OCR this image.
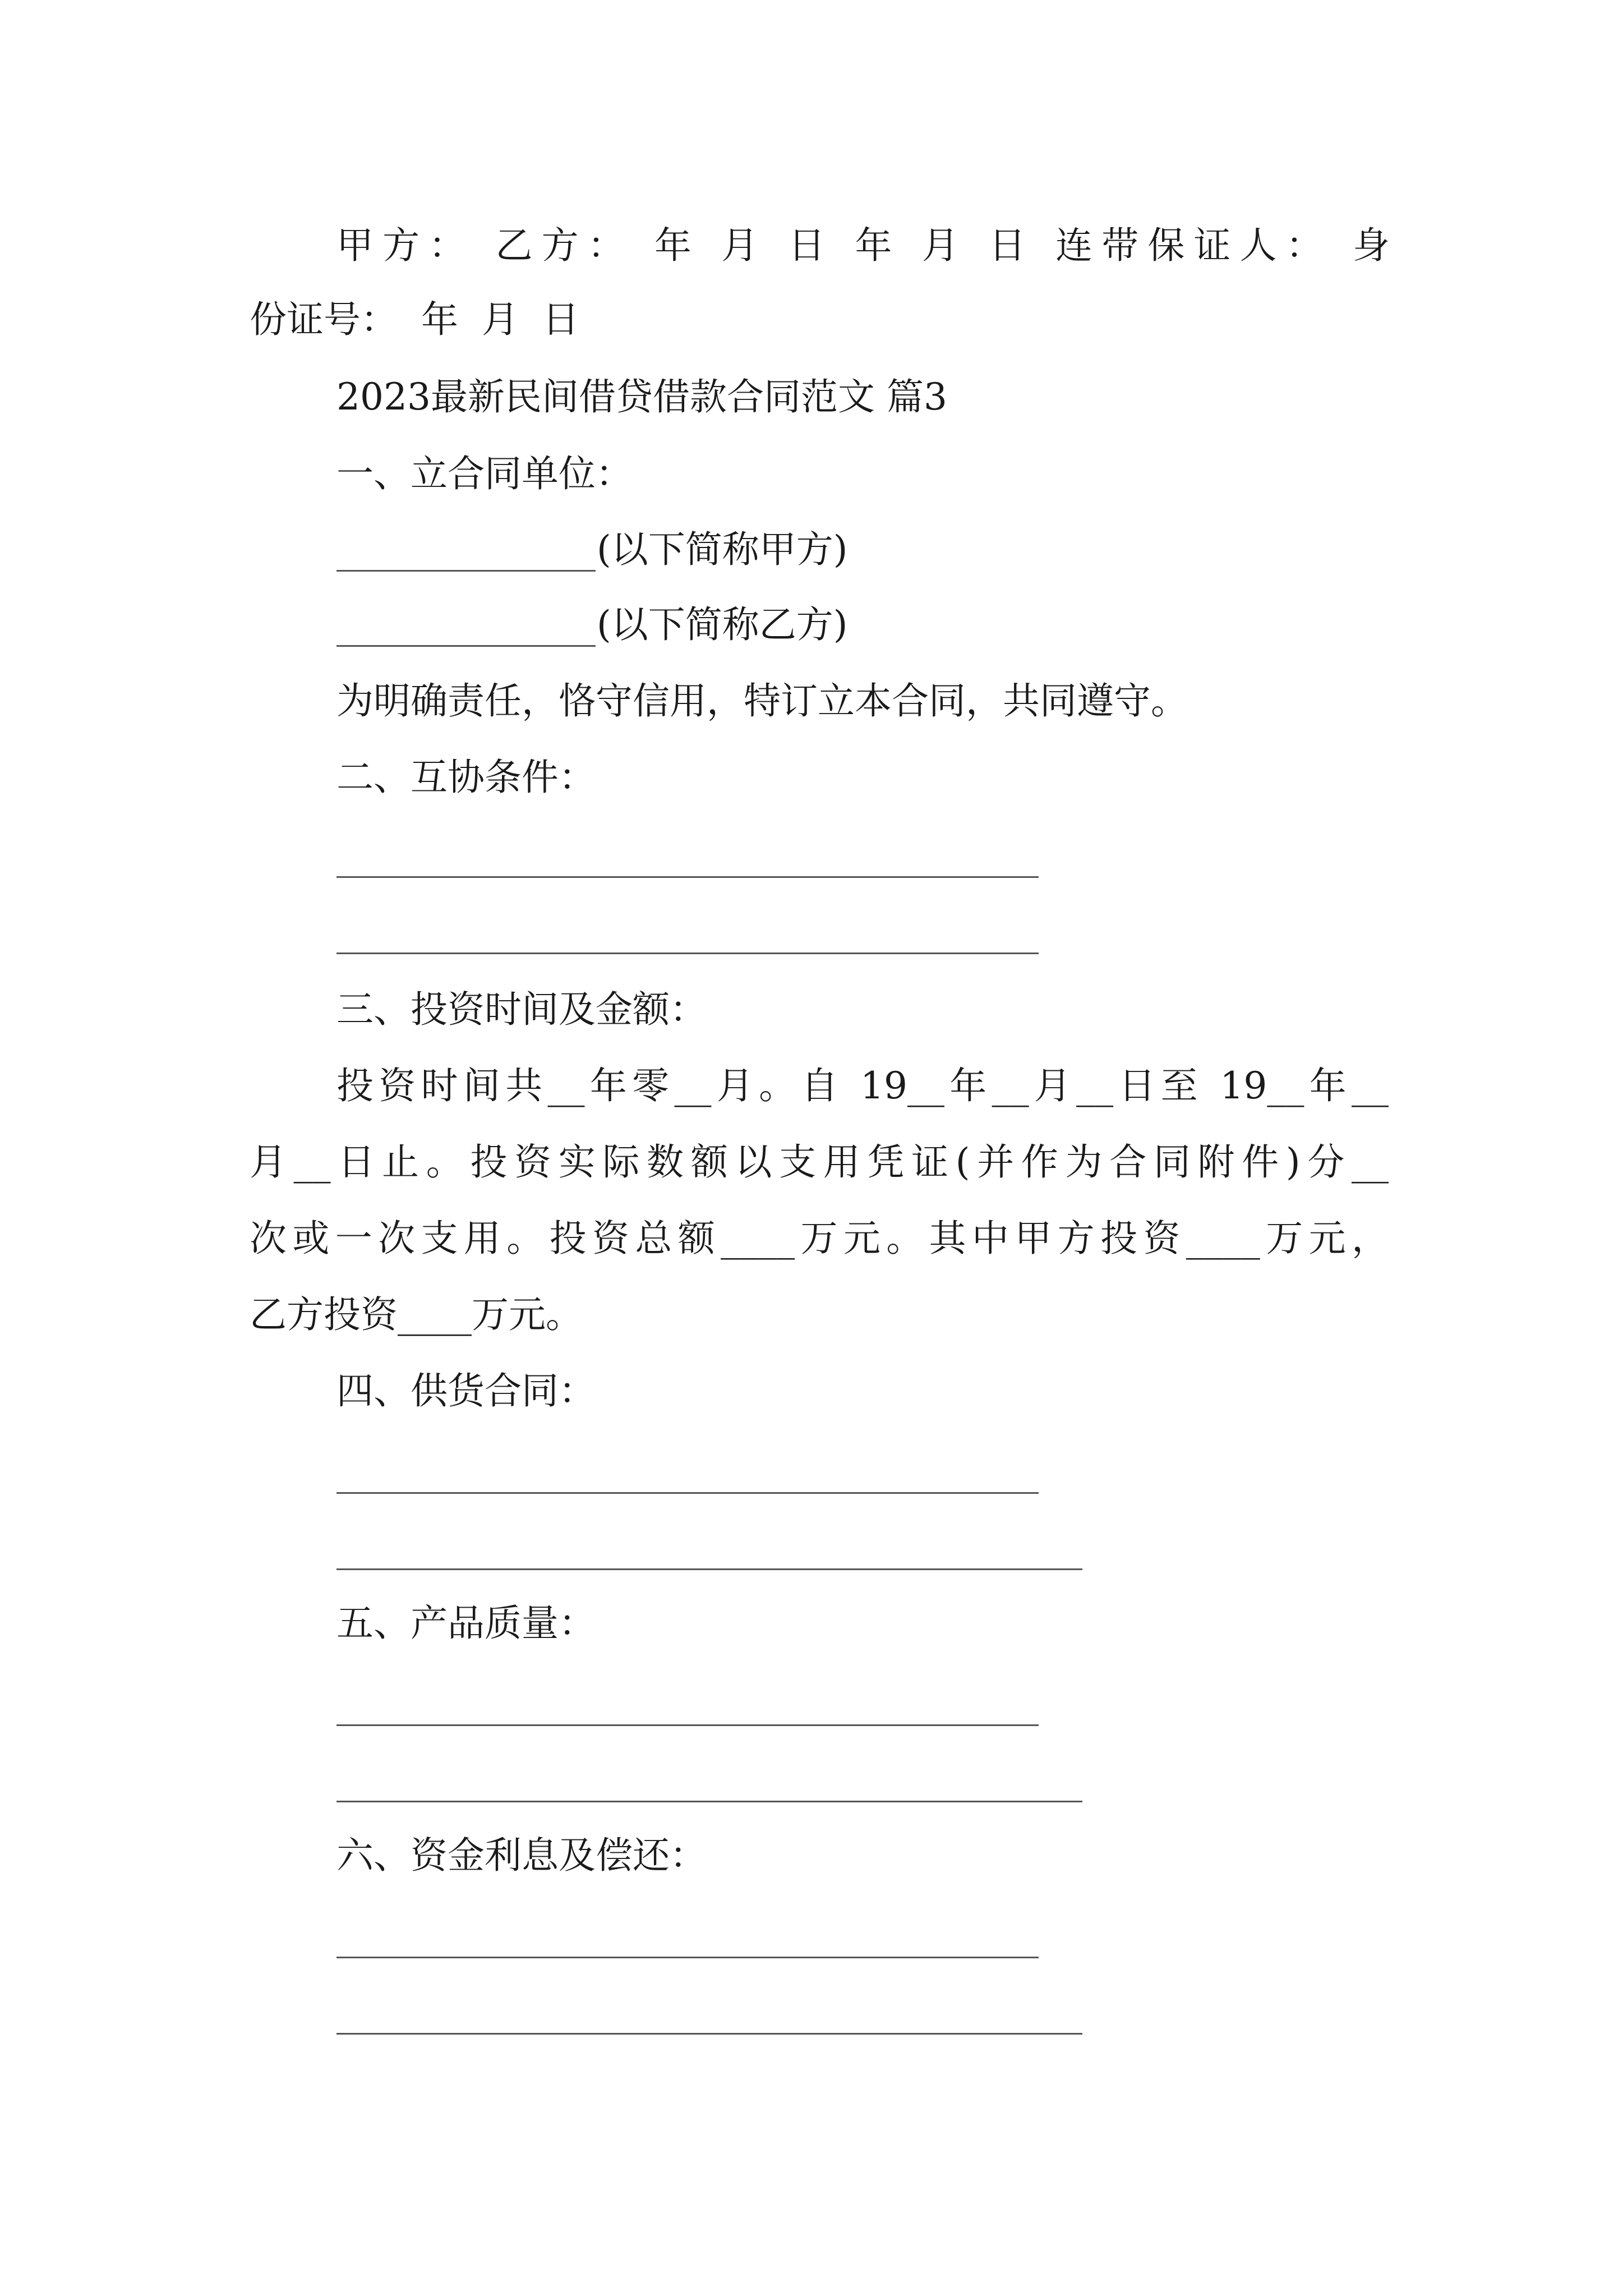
甲方： 乙方： 年 月 日 年 月 日 连带保证人： 身

份证号：  年  月  日

2023最新民间借贷借款合同范文 篇3

一、立合同单位：

(以下简称甲方)

(以下简称乙方)

为明确责任，恪守信用，特订立本合同，共同遵守。

二、互协条件：

三、投资时间及金额：

投资时间共__年零__月。自 19__年__月__日至 19__年__

月__日止。投资实际数额以支用凭证(并作为合同附件)分__

次或一次支用。投资总额____万元。其中甲方投资____万元，

乙方投资____万元。

四、供货合同：

五、产品质量：

六、资金利息及偿还：
